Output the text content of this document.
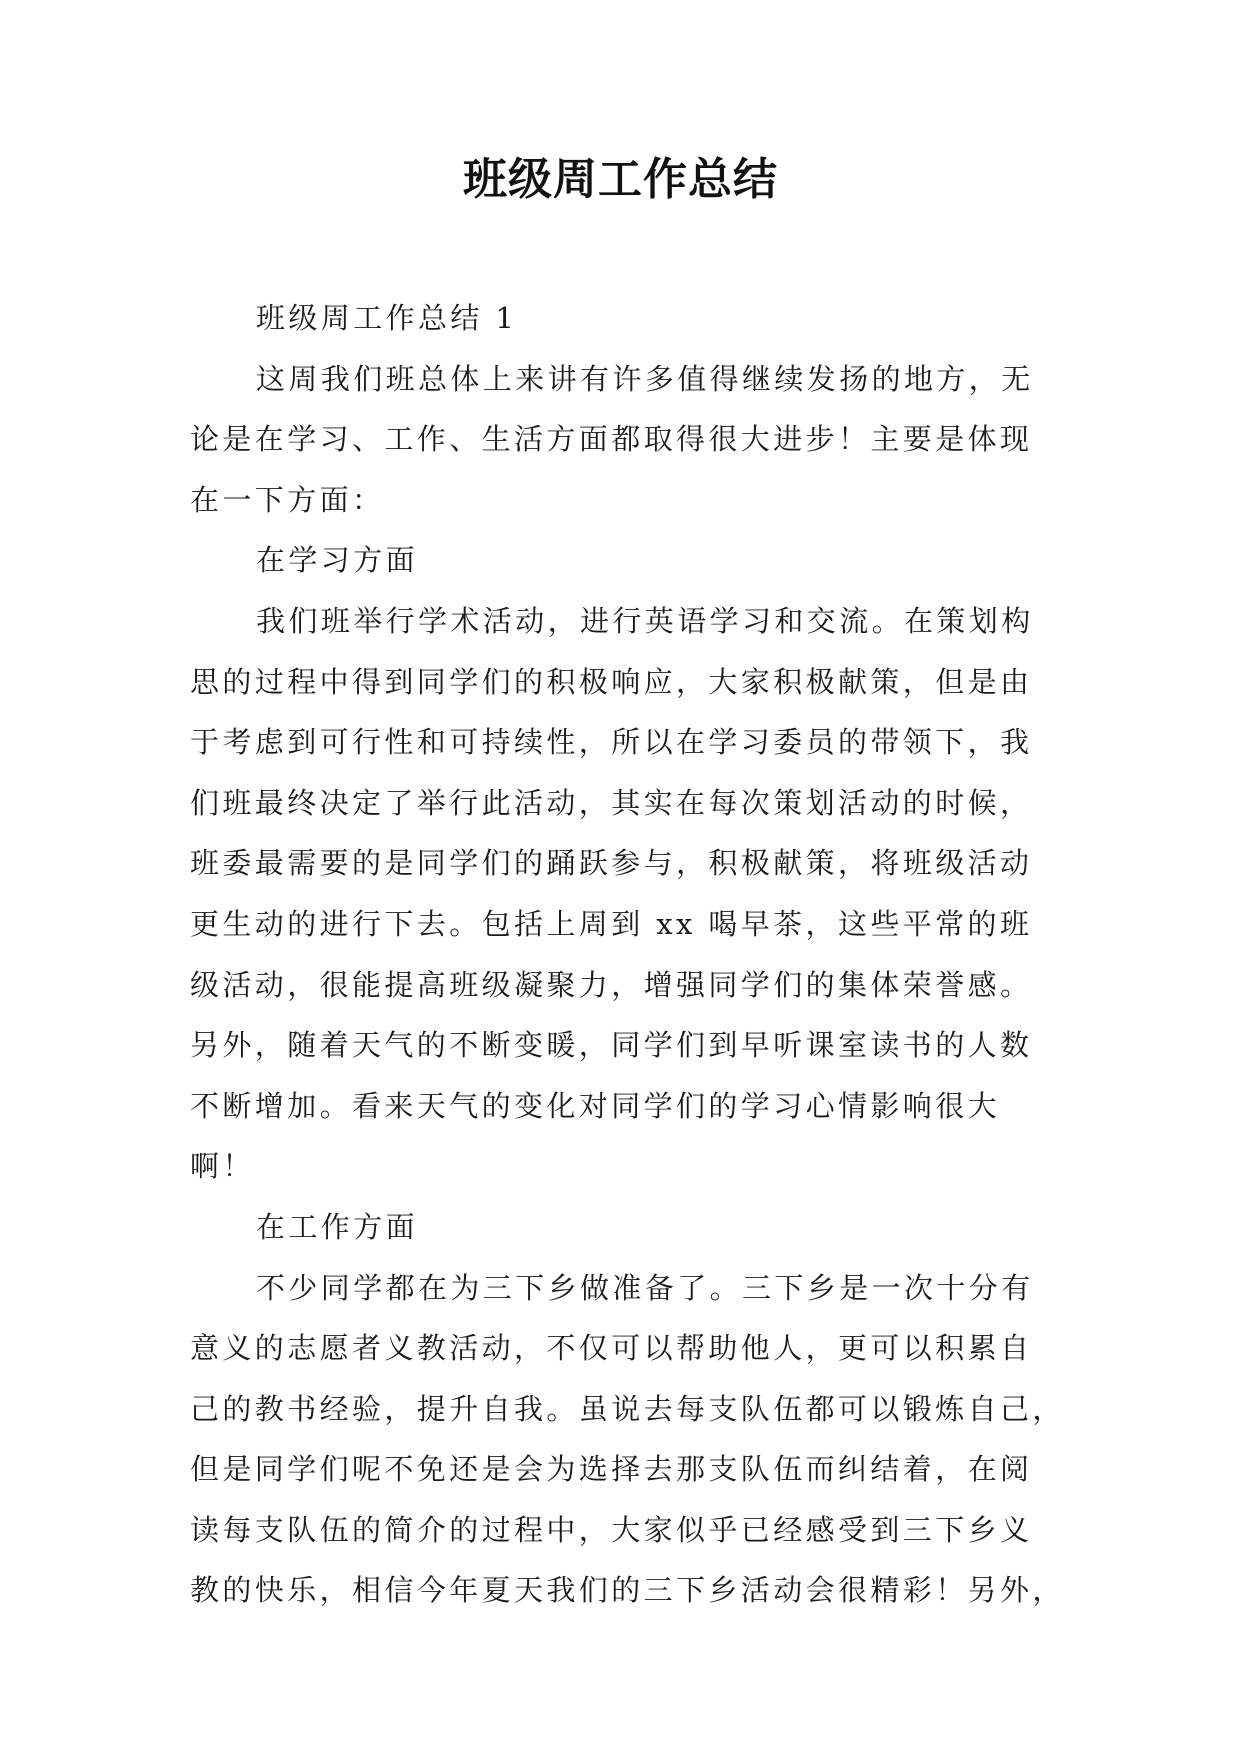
班级周工作总结
班级周工作总结 1
这周我们班总体上来讲有许多值得继续发扬的地方，无
论是在学习、工作、生活方面都取得很大进步！主要是体现
在一下方面：
在学习方面
我们班举行学术活动，进行英语学习和交流。在策划构
思的过程中得到同学们的积极响应，大家积极献策，但是由
于考虑到可行性和可持续性，所以在学习委员的带领下，我
们班最终决定了举行此活动，其实在每次策划活动的时候，
班委最需要的是同学们的踊跃参与，积极献策，将班级活动
更生动的进行下去。包括上周到 xx 喝早茶，这些平常的班
级活动，很能提高班级凝聚力，增强同学们的集体荣誉感。
另外，随着天气的不断变暖，同学们到早听课室读书的人数
不断增加。看来天气的变化对同学们的学习心情影响很大
啊！
在工作方面
不少同学都在为三下乡做准备了。三下乡是一次十分有
意义的志愿者义教活动，不仅可以帮助他人，更可以积累自
己的教书经验，提升自我。虽说去每支队伍都可以锻炼自己，
但是同学们呢不免还是会为选择去那支队伍而纠结着，在阅
读每支队伍的简介的过程中，大家似乎已经感受到三下乡义
教的快乐，相信今年夏天我们的三下乡活动会很精彩！另外，
